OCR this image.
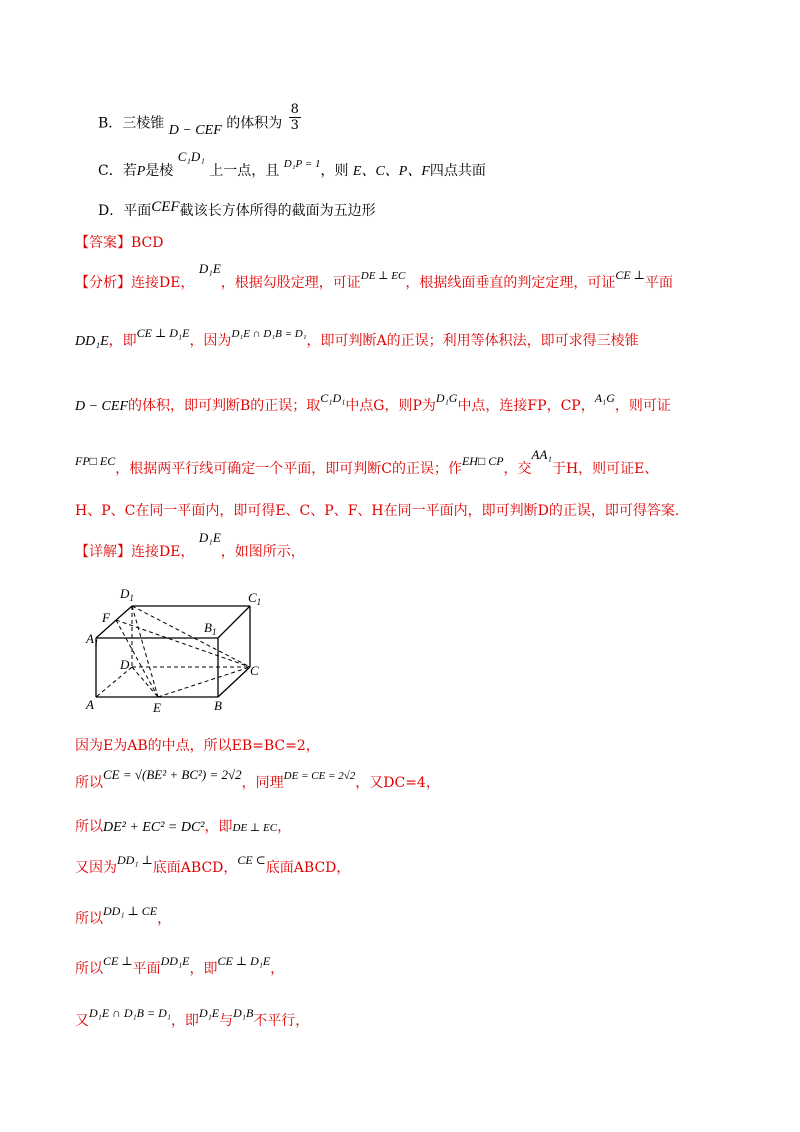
B．三棱锥 D − CEF 的体积为 $\frac{8}{3}$
C．若P是棱 C₁D₁ 上一点，且 $^{D_1P = 1}$，则 E、C、P、F四点共面
D．平面CEF截该长方体所得的截面为五边形
【答案】BCD
【分析】连接DE， D₁E，根据勾股定理，可证$^{DE \perp EC}$，根据线面垂直的判定定理，可证CE ⊥平面
DD₁E，即CE ⊥ D₁E，因为$^{D_1E \cap D_1B = D_1}$，即可判断A的正误；利用等体积法，即可求得三棱锥
D − CEF的体积，即可判断B的正误；取C₁D₁中点G，则P为D₁G中点，连接FP，CP，A₁G，则可证
FP□ EC，根据两平行线可确定一个平面，即可判断C的正误；作EH□ CP，交AA₁于H，则可证E、
H、P、C在同一平面内，即可得E、C、P、F、H在同一平面内，即可判断D的正误，即可得答案.
【详解】连接DE， D₁E，如图所示，
$D_1$	$C_1$
F
$A_1$
$B_1$
D	C
A	E	B
因为E为AB的中点，所以EB=BC=2，
所以CE = √(BE² + BC²) = 2√2，同理$^{DE = CE = 2√2}$，又DC=4，
所以DE² + EC² = DC²，即DE ⊥ EC，
又因为DD₁ ⊥底面ABCD，CE ⊂底面ABCD，
所以DD₁ ⊥ CE，
所以CE ⊥平面DD₁E，即CE ⊥ D₁E，
又D₁E ∩ D₁B = D₁，即D₁E与D₁B不平行，
